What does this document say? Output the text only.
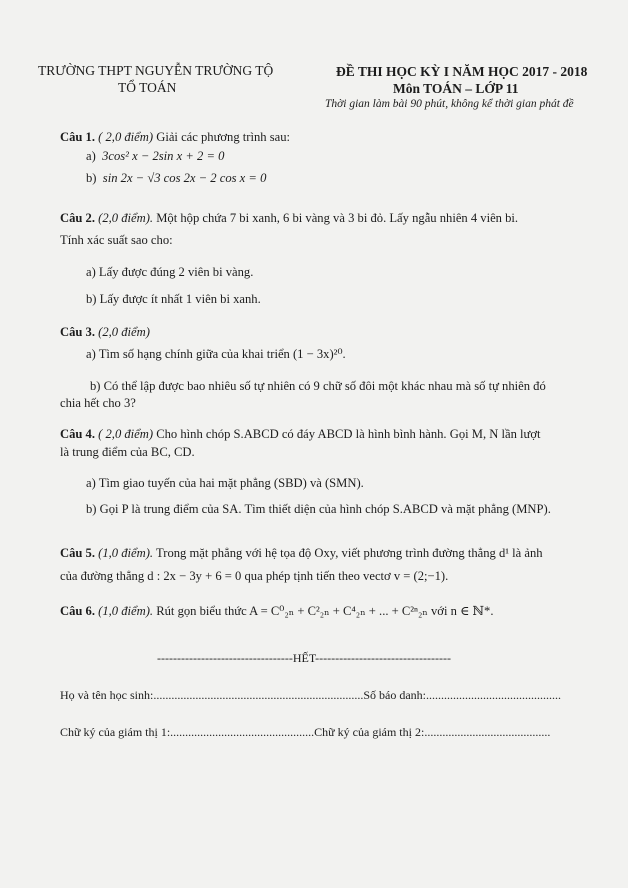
TRƯỜNG THPT NGUYỄN TRƯỜNG TỘ
TỔ TOÁN
ĐỀ THI HỌC KỲ I NĂM HỌC 2017 - 2018
Môn TOÁN – LỚP 11
Thời gian làm bài 90 phút, không kể thời gian phát đề
Câu 1. ( 2,0 điểm) Giải các phương trình sau:
a) 3cos² x − 2sin x + 2 = 0
b) sin 2x − √3 cos 2x − 2 cos x = 0
Câu 2. (2,0 điểm). Một hộp chứa 7 bi xanh, 6 bi vàng và 3 bi đỏ. Lấy ngẫu nhiên 4 viên bi.
Tính xác suất sao cho:
a) Lấy được đúng 2 viên bi vàng.
b) Lấy được ít nhất 1 viên bi xanh.
Câu 3. (2,0 điểm)
a) Tìm số hạng chính giữa của khai triển (1 − 3x)²⁰.
b) Có thể lập được bao nhiêu số tự nhiên có 9 chữ số đôi một khác nhau mà số tự nhiên đó
chia hết cho 3?
Câu 4. ( 2,0 điểm) Cho hình chóp S.ABCD có đáy ABCD là hình bình hành. Gọi M, N lần lượt
là trung điểm của BC, CD.
a) Tìm giao tuyến của hai mặt phẳng (SBD) và (SMN).
b) Gọi P là trung điểm của SA. Tìm thiết diện của hình chóp S.ABCD và mặt phẳng (MNP).
Câu 5. (1,0 điểm). Trong mặt phẳng với hệ tọa độ Oxy, viết phương trình đường thẳng d¹ là ảnh
của đường thẳng d : 2x − 3y + 6 = 0 qua phép tịnh tiến theo vectơ v = (2;−1).
Câu 6. (1,0 điểm). Rút gọn biểu thức A = C⁰₂ₙ + C²₂ₙ + C⁴₂ₙ + ... + C²ⁿ₂ₙ với n ∈ ℕ*.
----------------------------------HẾT----------------------------------
Họ và tên học sinh:......................................................................Số báo danh:.............................................
Chữ ký của giám thị 1:................................................Chữ ký của giám thị 2:..........................................
